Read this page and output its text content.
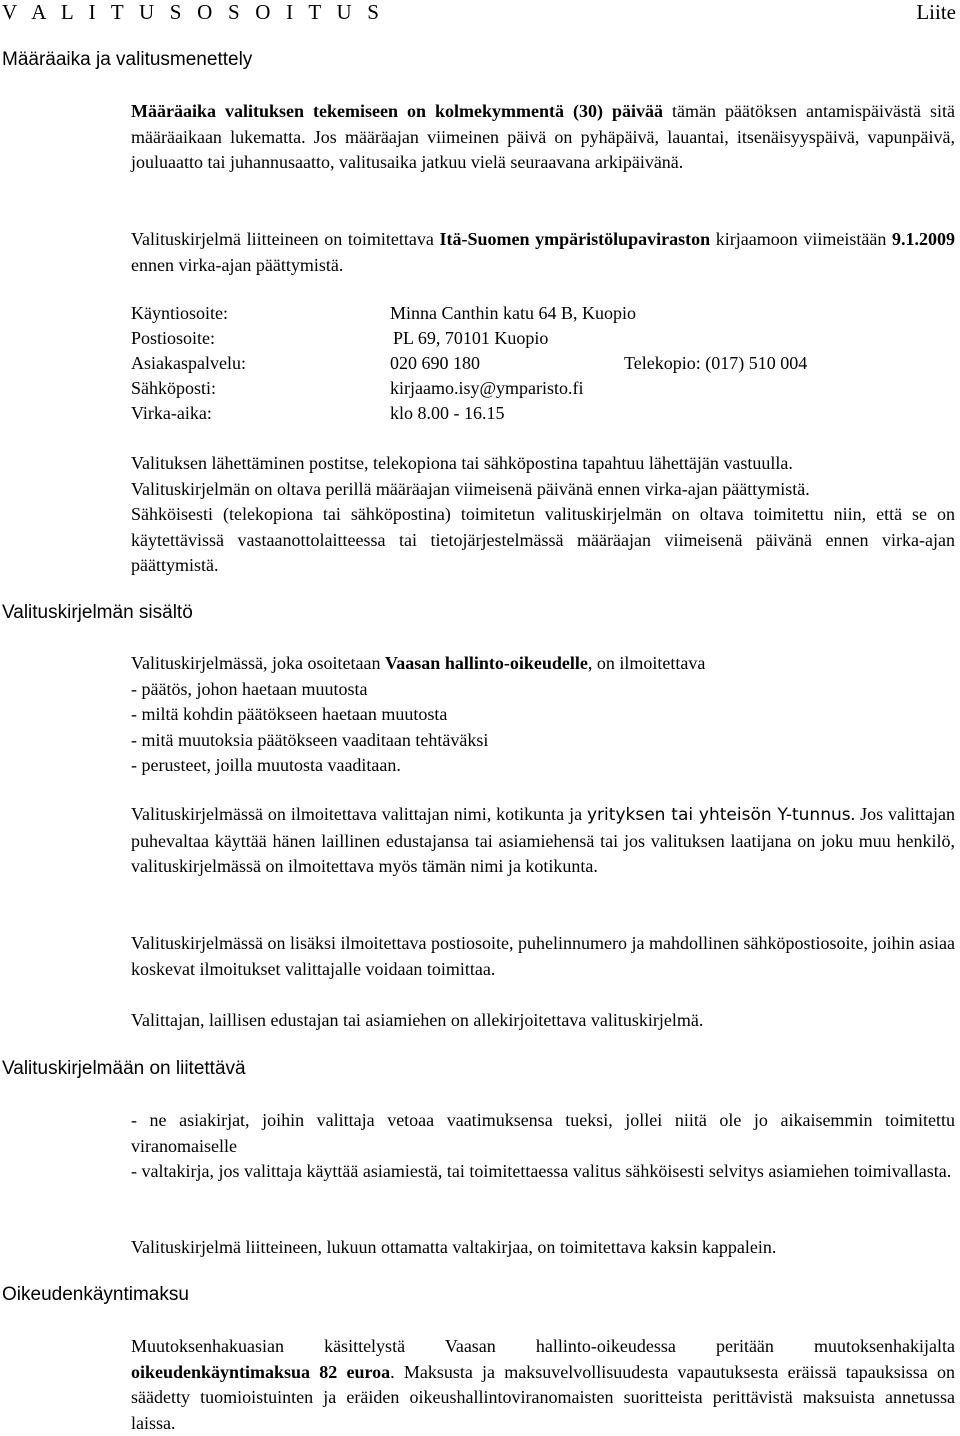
V A L I T U S O S O I T U S	Liite
Määräaika ja valitusmenettely
Valituskirjelmän sisältö
Valituskirjelmään on liitettävä
Oikeudenkäyntimaksu

Määräaika valituksen tekemiseen on kolmekymmentä (30) päivää tämän päätöksen antamispäivästä sitä määräaikaan lukematta. Jos määräajan viimeinen päivä on pyhäpäivä, lauantai, itsenäisyyspäivä, vapunpäivä, jouluaatto tai juhannusaatto, valitusaika jatkuu vielä seuraavana arkipäivänä.

Valituskirjelmä liitteineen on toimitettava Itä-Suomen ympäristölupaviraston kirjaamoon viimeistään 9.1.2009 ennen virka-ajan päättymistä.

Käyntiosoite:	Minna Canthin katu 64 B, Kuopio
Postiosoite:	PL 69, 70101 Kuopio
Asiakaspalvelu:	020 690 180	Telekopio: (017) 510 004
Sähköposti:	kirjaamo.isy@ymparisto.fi
Virka-aika:	klo 8.00 - 16.15

Valituksen lähettäminen postitse, telekopiona tai sähköpostina tapahtuu lähettäjän vastuulla.

Valituskirjelmän on oltava perillä määräajan viimeisenä päivänä ennen virka-ajan päättymistä.

Sähköisesti (telekopiona tai sähköpostina) toimitetun valituskirjelmän on oltava toimitettu niin, että se on käytettävissä vastaanottolaitteessa tai tietojärjestelmässä määräajan viimeisenä päivänä ennen virka-ajan päättymistä.

Valituskirjelmässä, joka osoitetaan Vaasan hallinto-oikeudelle, on ilmoitettava

- päätös, johon haetaan muutosta

- miltä kohdin päätökseen haetaan muutosta

- mitä muutoksia päätökseen vaaditaan tehtäväksi

- perusteet, joilla muutosta vaaditaan.

Valituskirjelmässä on ilmoitettava valittajan nimi, kotikunta ja yrityksen tai yhteisön Y-tunnus. Jos valittajan puhevaltaa käyttää hänen laillinen edustajansa tai asiamiehensä tai jos valituksen laatijana on joku muu henkilö, valituskirjelmässä on ilmoitettava myös tämän nimi ja kotikunta.

Valituskirjelmässä on lisäksi ilmoitettava postiosoite, puhelinnumero ja mahdollinen sähköpostiosoite, joihin asiaa koskevat ilmoitukset valittajalle voidaan toimittaa.

Valittajan, laillisen edustajan tai asiamiehen on allekirjoitettava valituskirjelmä.

- ne asiakirjat, joihin valittaja vetoaa vaatimuksensa tueksi, jollei niitä ole jo aikaisemmin toimitettu viranomaiselle

- valtakirja, jos valittaja käyttää asiamiestä, tai toimitettaessa valitus sähköisesti selvitys asiamiehen toimivallasta.

Valituskirjelmä liitteineen, lukuun ottamatta valtakirjaa, on toimitettava kaksin kappalein.

Muutoksenhakuasian käsittelystä Vaasan hallinto-oikeudessa peritään muutoksenhakijalta oikeudenkäyntimaksua 82 euroa. Maksusta ja maksuvelvollisuudesta vapautuksesta eräissä tapauksissa on säädetty tuomioistuinten ja eräiden oikeushallintoviranomaisten suoritteista perittävistä maksuista annetussa laissa.
